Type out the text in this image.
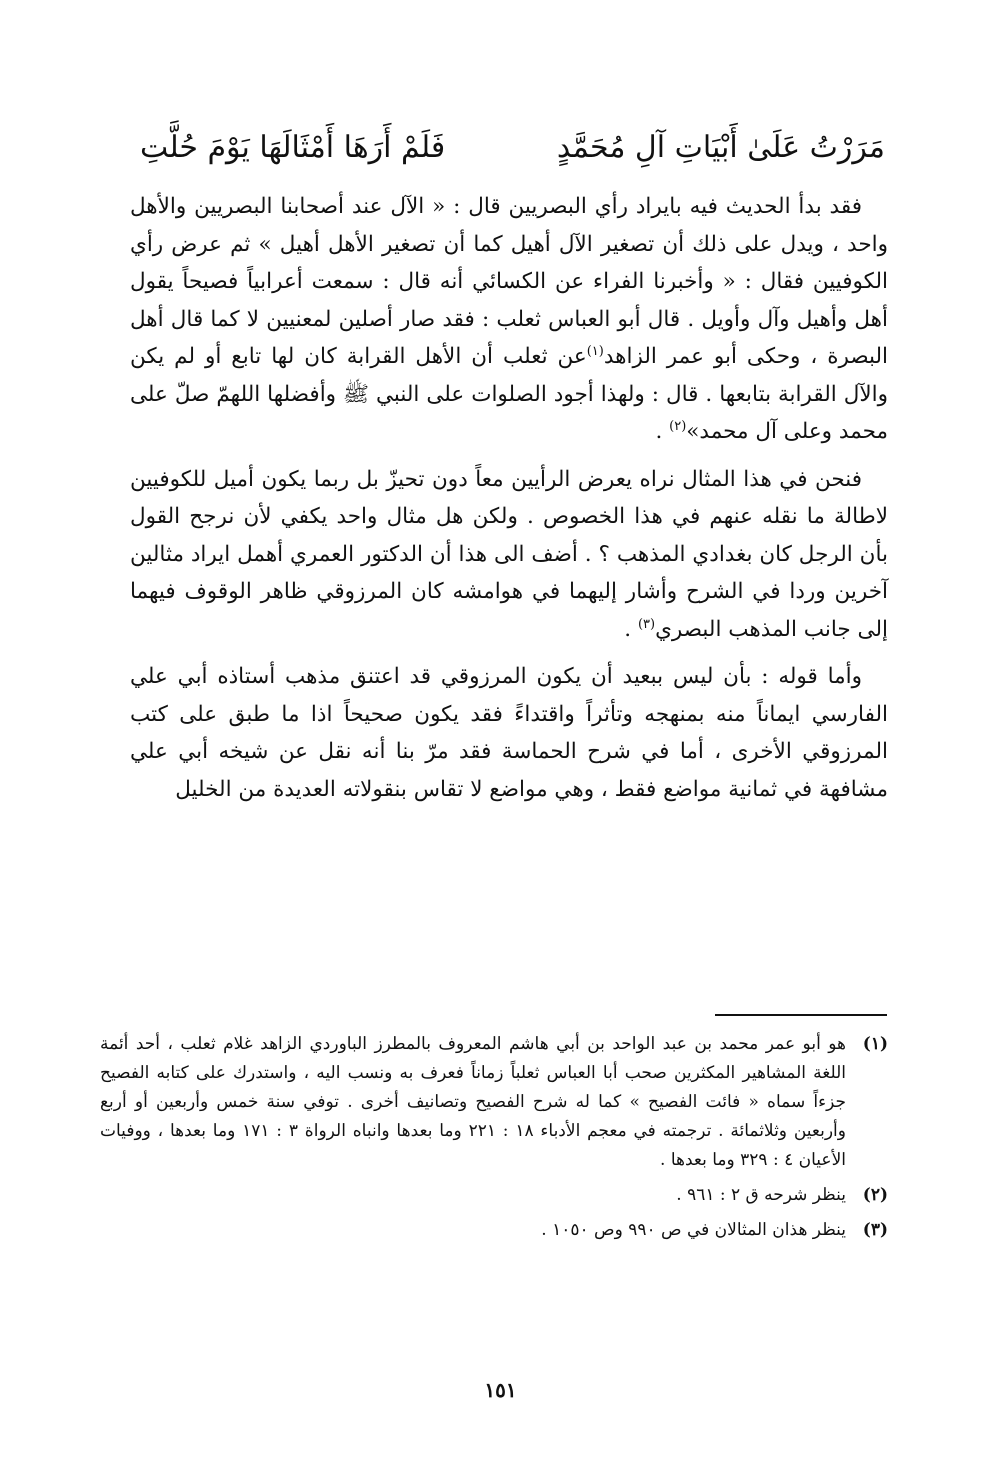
مَرَرْتُ عَلَىٰ أَبْيَاتِ آلِ مُحَمَّدٍ
فَلَمْ أَرَهَا أَمْثَالَهَا يَوْمَ حُلَّتِ

فقد بدأ الحديث فيه بايراد رأي البصريين قال : « الآل عند أصحابنا البصريين والأهل واحد ، ويدل على ذلك أن تصغير الآل أهيل كما أن تصغير الأهل أهيل » ثم عرض رأي الكوفيين فقال : « وأخبرنا الفراء عن الكسائي أنه قال : سمعت أعرابياً فصيحاً يقول أهل وأهيل وآل وأويل . قال أبو العباس ثعلب : فقد صار أصلين لمعنيين لا كما قال أهل البصرة ، وحكى أبو عمر الزاهد$^{(١)}$عن ثعلب أن الأهل القرابة كان لها تابع أو لم يكن والآل القرابة بتابعها . قال : ولهذا أجود الصلوات على النبي ﷺ وأفضلها اللهمّ صلّ على محمد وعلى آل محمد»$^{(٢)}$ .

فنحن في هذا المثال نراه يعرض الرأيين معاً دون تحيزّ بل ربما يكون أميل للكوفيين لاطالة ما نقله عنهم في هذا الخصوص . ولكن هل مثال واحد يكفي لأن نرجح القول بأن الرجل كان بغدادي المذهب ؟ . أضف الى هذا أن الدكتور العمري أهمل ايراد مثالين آخرين وردا في الشرح وأشار إليهما في هوامشه كان المرزوقي ظاهر الوقوف فيهما إلى جانب المذهب البصري$^{(٣)}$ .

وأما قوله : بأن ليس ببعيد أن يكون المرزوقي قد اعتنق مذهب أستاذه أبي علي الفارسي ايماناً منه بمنهجه وتأثراً واقتداءً فقد يكون صحيحاً اذا ما طبق على كتب المرزوقي الأخرى ، أما في شرح الحماسة فقد مرّ بنا أنه نقل عن شيخه أبي علي مشافهة في ثمانية مواضع فقط ، وهي مواضع لا تقاس بنقولاته العديدة من الخليل

(١)
هو أبو عمر محمد بن عبد الواحد بن أبي هاشم المعروف بالمطرز الباوردي الزاهد غلام ثعلب ، أحد أئمة اللغة المشاهير المكثرين صحب أبا العباس ثعلباً زماناً فعرف به ونسب اليه ، واستدرك على كتابه الفصيح جزءاً سماه « فائت الفصيح » كما له شرح الفصيح وتصانيف أخرى . توفي سنة خمس وأربعين أو أربع وأربعين وثلاثمائة . ترجمته في معجم الأدباء ١٨ : ٢٢١ وما بعدها وانباه الرواة ٣ : ١٧١ وما بعدها ، ووفيات الأعيان ٤ : ٣٢٩ وما بعدها .
(٢)
ينظر شرحه ق ٢ : ٩٦١ .
(٣)
ينظر هذان المثالان في ص ٩٩٠ وص ١٠٥٠ .
١٥١
